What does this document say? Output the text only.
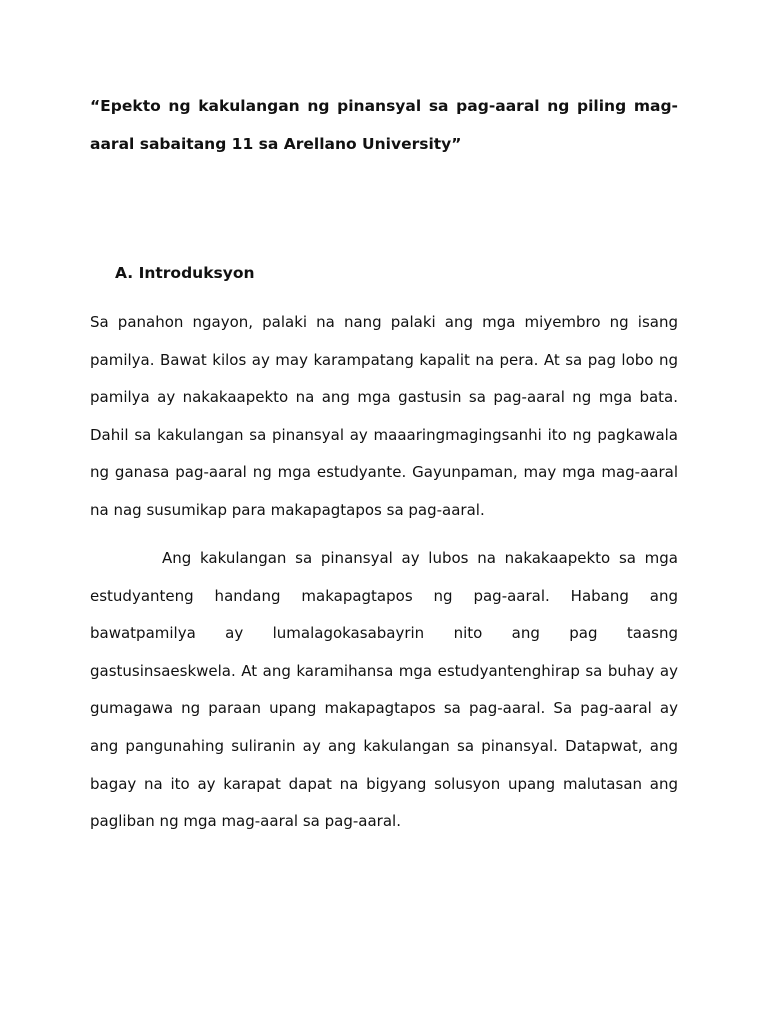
“Epekto ng kakulangan ng pinansyal sa pag-aaral ng piling mag-aaral sabaitang 11 sa Arellano University”

A. Introduksyon

Sa panahon ngayon, palaki na nang palaki ang mga miyembro ng isang pamilya. Bawat kilos ay may karampatang kapalit na pera. At sa pag lobo ng pamilya ay nakakaapekto na ang mga gastusin sa pag-aaral ng mga bata. Dahil sa kakulangan sa pinansyal ay maaaringmagingsanhi ito ng pagkawala ng ganasa pag-aaral ng mga estudyante. Gayunpaman, may mga mag-aaral na nag susumikap para makapagtapos sa pag-aaral.

Ang kakulangan sa pinansyal ay lubos na nakakaapekto sa mga estudyanteng handang makapagtapos ng pag-aaral. Habang ang bawatpamilya ay lumalagokasabayrin nito ang pag taasng gastusinsaeskwela. At ang karamihansa mga estudyantenghirap sa buhay ay gumagawa ng paraan upang makapagtapos sa pag-aaral. Sa pag-aaral ay ang pangunahing suliranin ay ang kakulangan sa pinansyal. Datapwat, ang bagay na ito ay karapat dapat na bigyang solusyon upang malutasan ang pagliban ng mga mag-aaral sa pag-aaral.
